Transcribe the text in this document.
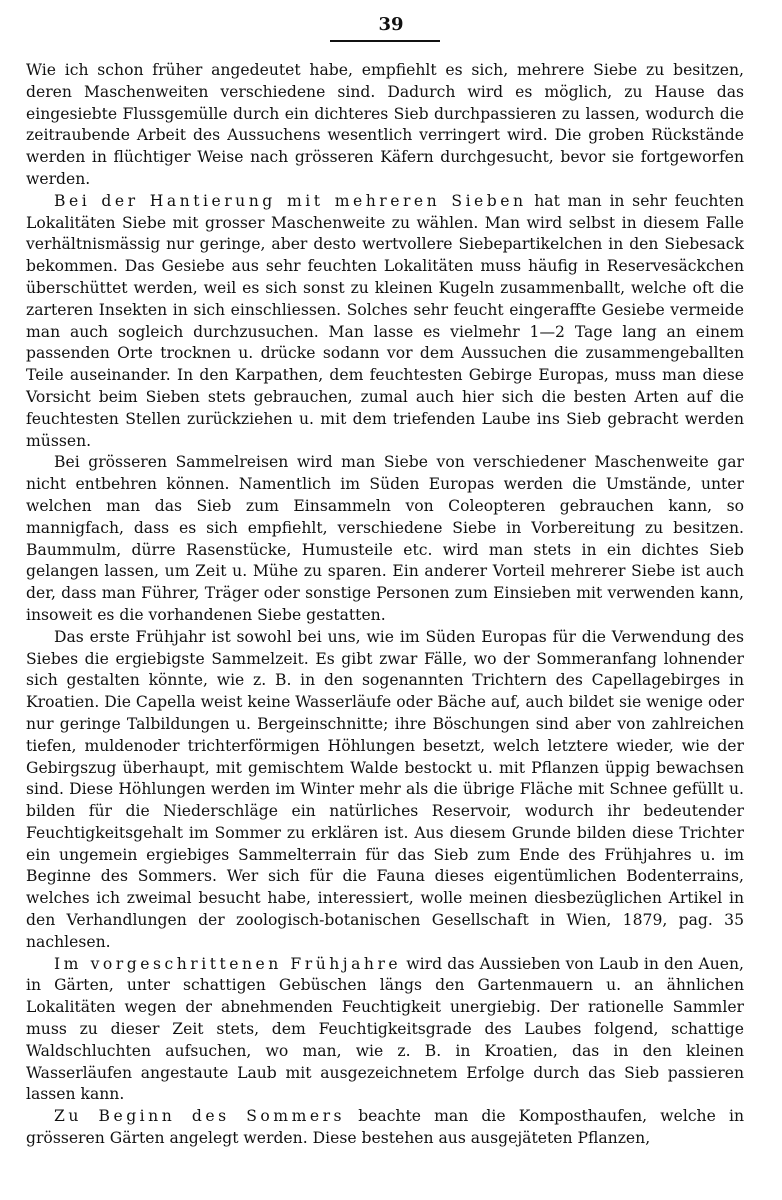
39

Wie ich schon früher angedeutet habe, empfiehlt es sich, mehrere Siebe zu besitzen, deren Maschenweiten verschiedene sind. Dadurch wird es möglich, zu Hause das eingesiebte Flussgemülle durch ein dichteres Sieb durchpassieren zu lassen, wodurch die zeitraubende Arbeit des Aussuchens wesentlich verringert wird. Die groben Rückstände werden in flüchtiger Weise nach grösseren Käfern durchgesucht, bevor sie fortgeworfen werden.

Bei der Hantierung mit mehreren Sieben hat man in sehr feuchten Lokalitäten Siebe mit grosser Maschenweite zu wählen. Man wird selbst in diesem Falle verhältnismässig nur geringe, aber desto wertvollere Siebepartikelchen in den Siebesack bekommen. Das Gesiebe aus sehr feuchten Lokalitäten muss häufig in Reservesäckchen überschüttet werden, weil es sich sonst zu kleinen Kugeln zusammenballt, welche oft die zarteren Insekten in sich einschliessen. Solches sehr feucht eingeraffte Gesiebe vermeide man auch sogleich durchzusuchen. Man lasse es vielmehr 1—2 Tage lang an einem passenden Orte trocknen u. drücke sodann vor dem Aussuchen die zusammengeballten Teile auseinander. In den Karpathen, dem feuchtesten Gebirge Europas, muss man diese Vorsicht beim Sieben stets gebrauchen, zumal auch hier sich die besten Arten auf die feuchtesten Stellen zurückziehen u. mit dem triefenden Laube ins Sieb gebracht werden müssen.

Bei grösseren Sammelreisen wird man Siebe von verschiedener Maschenweite gar nicht entbehren können. Namentlich im Süden Europas werden die Umstände, unter welchen man das Sieb zum Einsammeln von Coleopteren gebrauchen kann, so mannigfach, dass es sich empfiehlt, verschiedene Siebe in Vorbereitung zu besitzen. Baummulm, dürre Rasenstücke, Humusteile etc. wird man stets in ein dichtes Sieb gelangen lassen, um Zeit u. Mühe zu sparen. Ein anderer Vorteil mehrerer Siebe ist auch der, dass man Führer, Träger oder sonstige Personen zum Einsieben mit verwenden kann, insoweit es die vorhandenen Siebe gestatten.

Das erste Frühjahr ist sowohl bei uns, wie im Süden Europas für die Verwendung des Siebes die ergiebigste Sammelzeit. Es gibt zwar Fälle, wo der Sommeranfang lohnender sich gestalten könnte, wie z. B. in den sogenannten Trichtern des Capellagebirges in Kroatien. Die Capella weist keine Wasserläufe oder Bäche auf, auch bildet sie wenige oder nur geringe Talbildungen u. Bergeinschnitte; ihre Böschungen sind aber von zahlreichen tiefen, muldenoder trichterförmigen Höhlungen besetzt, welch letztere wieder, wie der Gebirgszug überhaupt, mit gemischtem Walde bestockt u. mit Pflanzen üppig bewachsen sind. Diese Höhlungen werden im Winter mehr als die übrige Fläche mit Schnee gefüllt u. bilden für die Niederschläge ein natürliches Reservoir, wodurch ihr bedeutender Feuchtigkeitsgehalt im Sommer zu erklären ist. Aus diesem Grunde bilden diese Trichter ein ungemein ergiebiges Sammelterrain für das Sieb zum Ende des Frühjahres u. im Beginne des Sommers. Wer sich für die Fauna dieses eigentümlichen Bodenterrains, welches ich zweimal besucht habe, interessiert, wolle meinen diesbezüglichen Artikel in den Verhandlungen der zoologisch-botanischen Gesellschaft in Wien, 1879, pag. 35 nachlesen.

Im vorgeschrittenen Frühjahre wird das Aussieben von Laub in den Auen, in Gärten, unter schattigen Gebüschen längs den Gartenmauern u. an ähnlichen Lokalitäten wegen der abnehmenden Feuchtigkeit unergiebig. Der rationelle Sammler muss zu dieser Zeit stets, dem Feuchtigkeitsgrade des Laubes folgend, schattige Waldschluchten aufsuchen, wo man, wie z. B. in Kroatien, das in den kleinen Wasserläufen angestaute Laub mit ausgezeichnetem Erfolge durch das Sieb passieren lassen kann.

Zu Beginn des Sommers beachte man die Komposthaufen, welche in grösseren Gärten angelegt werden. Diese bestehen aus ausgejäteten Pflanzen,
